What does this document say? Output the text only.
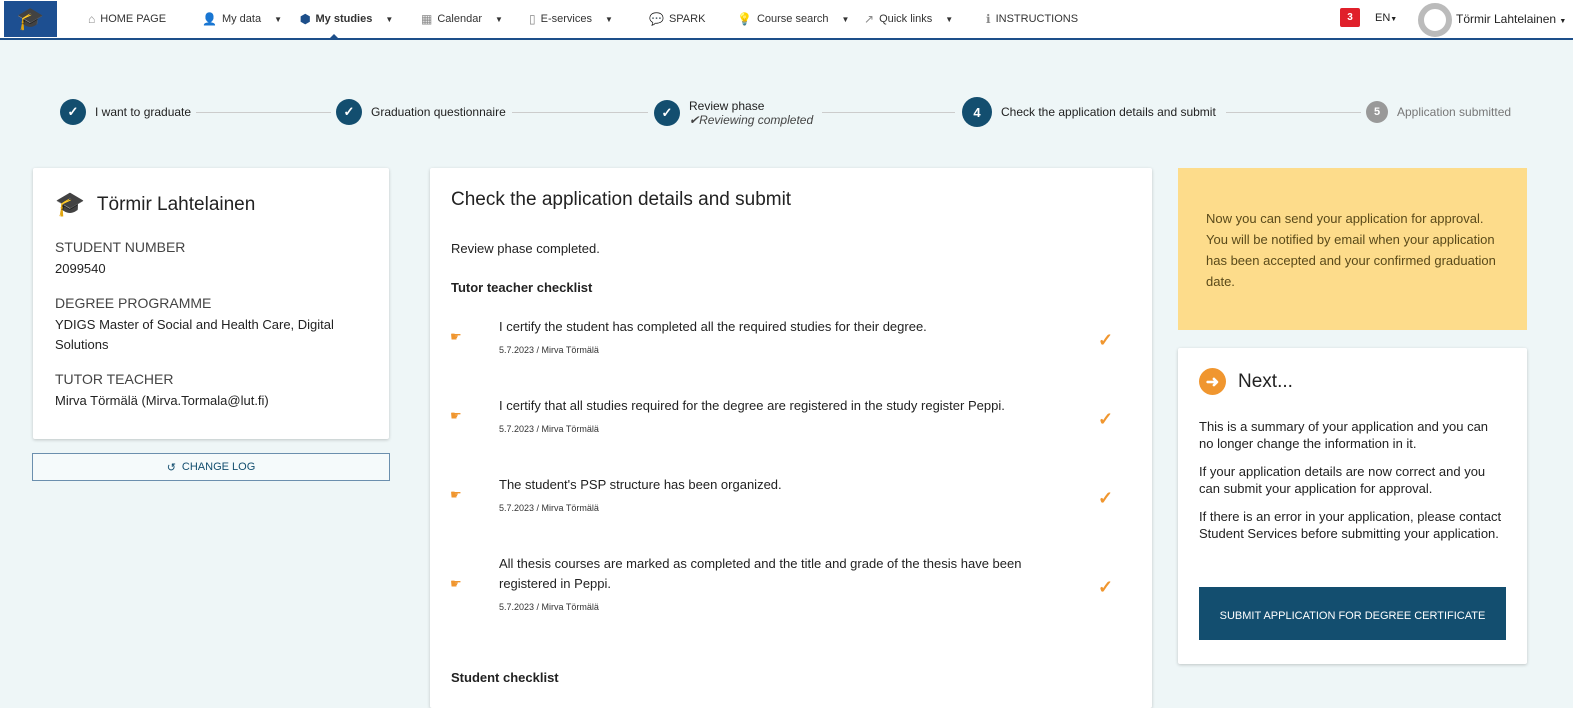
🎓	⌂ HOME PAGE	👤 My data ▼ ⬢ My studies ▼ ▦ Calendar ▼ ▯ E-services ▼	💬 SPARK	💡 Course search ▼ ↗ Quick links ▼	ℹ INSTRUCTIONS	3	EN▼	Törmir Lahtelainen ▼
✓	I want to graduate	✓	Graduation questionnaire	✓	Review phase
✔Reviewing completed
4	Check the application details and submit	5	Application submitted
🎓 Törmir Lahtelainen
STUDENT NUMBER
2099540
DEGREE PROGRAMME
YDIGS Master of Social and Health Care, Digital Solutions
TUTOR TEACHER
Mirva Törmälä (Mirva.Tormala@lut.fi)
↺ CHANGE LOG
Check the application details and submit
Review phase completed.
Tutor teacher checklist
☛
I certify the student has completed all the required studies for their degree.
5.7.2023 / Mirva Törmälä	✓
☛
I certify that all studies required for the degree are registered in the study register Peppi.
5.7.2023 / Mirva Törmälä	✓
☛
The student's PSP structure has been organized.
5.7.2023 / Mirva Törmälä	✓
☛
All thesis courses are marked as completed and the title and grade of the thesis have been registered in Peppi.
5.7.2023 / Mirva Törmälä
✓
Student checklist
Now you can send your application for approval. You will be notified by email when your application has been accepted and your confirmed graduation date.
➜ Next...

This is a summary of your application and you can no longer change the information in it.

If your application details are now correct and you can submit your application for approval.

If there is an error in your application, please contact Student Services before submitting your application.

SUBMIT APPLICATION FOR DEGREE CERTIFICATE
